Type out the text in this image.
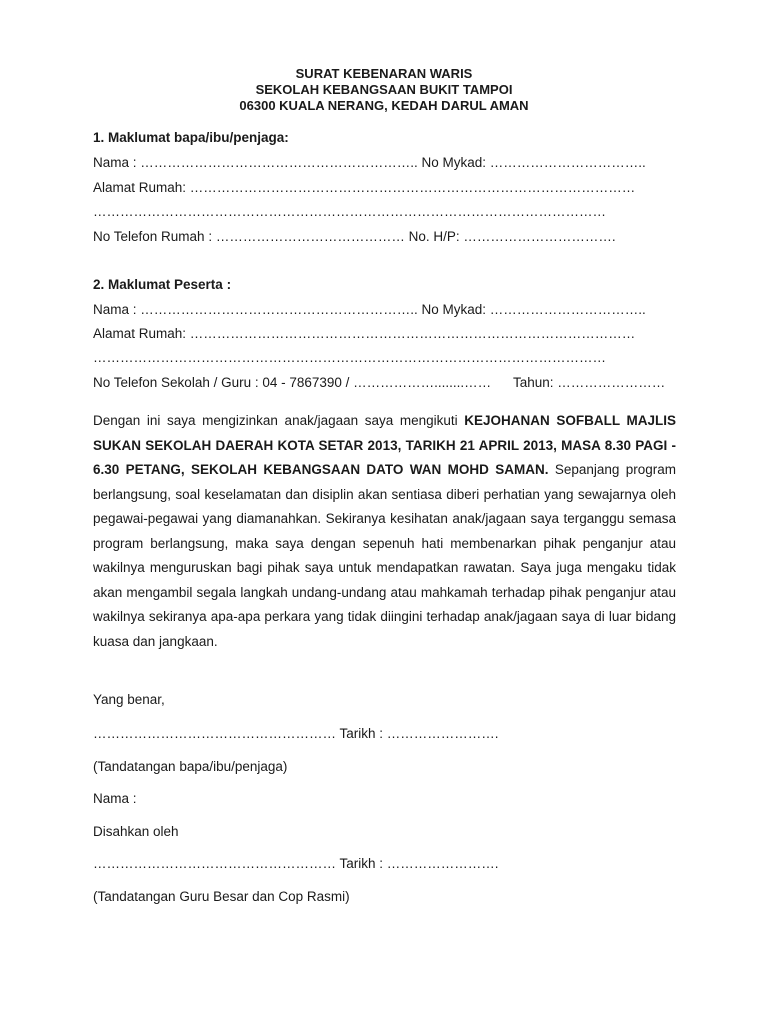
SURAT KEBENARAN WARIS
SEKOLAH KEBANGSAAN BUKIT TAMPOI
06300 KUALA NERANG, KEDAH DARUL AMAN
1. Maklumat bapa/ibu/penjaga:
Nama : …………………………………………………….. No Mykad: ……………………………..
Alamat Rumah: ………………………………………………………………………………………
……………………………………………………………………………………………………
No Telefon Rumah : …………………………………… No. H/P: …………………………….
2. Maklumat Peserta :
Nama : …………………………………………………….. No Mykad: ……………………………..
Alamat Rumah: ………………………………………………………………………………………
……………………………………………………………………………………………………
No Telefon Sekolah / Guru : 04 - 7867390 / ………………........…… Tahun: ……………………
Dengan ini saya mengizinkan anak/jagaan saya mengikuti KEJOHANAN SOFBALL MAJLIS SUKAN SEKOLAH DAERAH KOTA SETAR 2013, TARIKH 21 APRIL 2013, MASA 8.30 PAGI - 6.30 PETANG, SEKOLAH KEBANGSAAN DATO WAN MOHD SAMAN. Sepanjang program berlangsung, soal keselamatan dan disiplin akan sentiasa diberi perhatian yang sewajarnya oleh pegawai-pegawai yang diamanahkan. Sekiranya kesihatan anak/jagaan saya terganggu semasa program berlangsung, maka saya dengan sepenuh hati membenarkan pihak penganjur atau wakilnya menguruskan bagi pihak saya untuk mendapatkan rawatan. Saya juga mengaku tidak akan mengambil segala langkah undang-undang atau mahkamah terhadap pihak penganjur atau wakilnya sekiranya apa-apa perkara yang tidak diingini terhadap anak/jagaan saya di luar bidang kuasa dan jangkaan.
Yang benar,
……………………………………………… Tarikh : …………………….
(Tandatangan bapa/ibu/penjaga)
Nama :
Disahkan oleh
……………………………………………… Tarikh : …………………….
(Tandatangan Guru Besar dan Cop Rasmi)
